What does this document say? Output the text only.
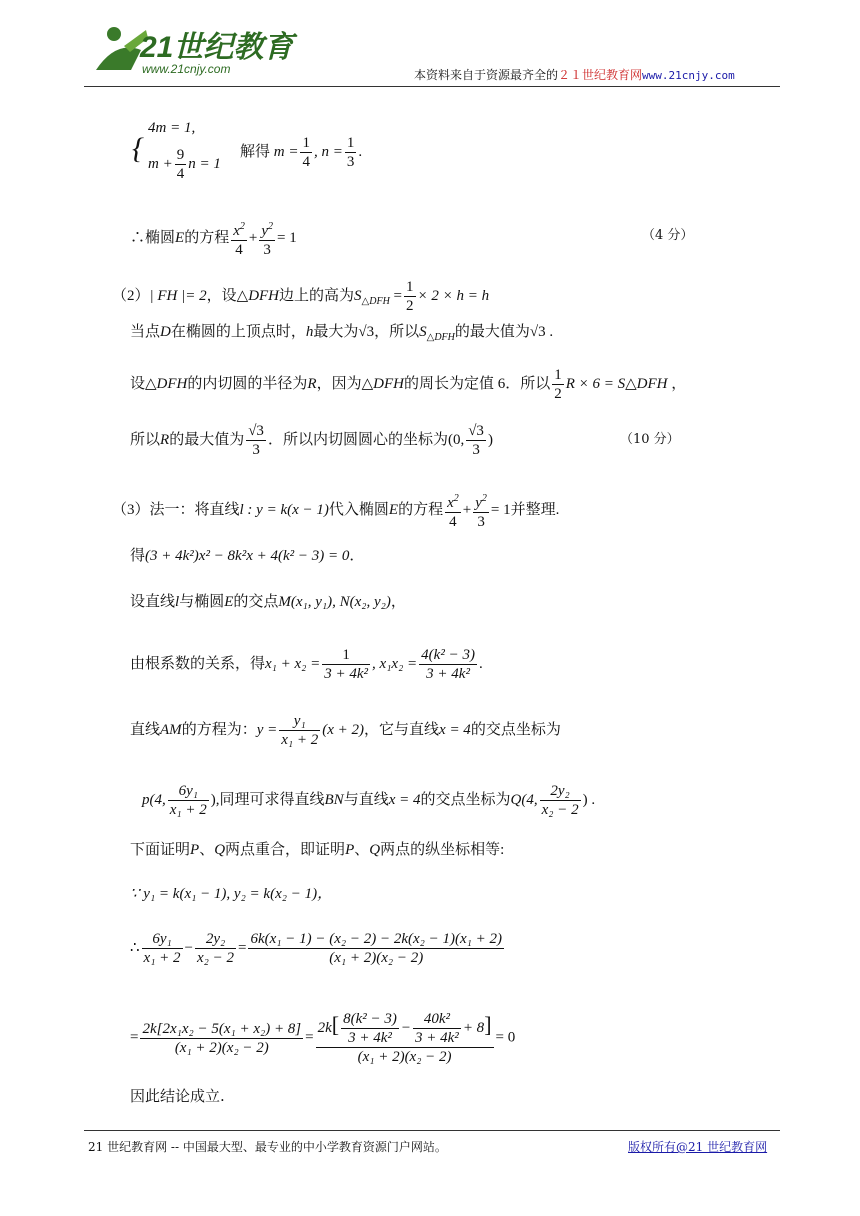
21世纪教育
www.21cnjy.com	本资料来自于资源最齐全的２１世纪教育网www.21cnjy.com
{
4m = 1,
$m + \frac{9}{4}$ n = 1
解得 $m = \frac{1}{4}$ , $n = \frac{1}{3}$ .
∴椭圆E的方程 $\frac{x^2}{4} + \frac{y^2}{3} = 1$	（4 分）
（2）| FH |= 2，设△DFH边上的高为$S_{\triangle DFH} = \frac{1}{2} \times 2 \times h = h$
当点D在椭圆的上顶点时，h最大为√3，所以$S_{\triangle DFH}$的最大值为√3 .
设△DFH的内切圆的半径为R，因为△DFH的周长为定值 6．所以 $\frac{1}{2}$ R × 6 = S△DFH ，
所以R的最大值为 $\frac{√3}{3}$ ．所以内切圆圆心的坐标为(0, $\frac{√3}{3}$ )	（10 分）
（3）法一：将直线l : y = k(x − 1)代入椭圆E的方程 $\frac{x^2}{4} + \frac{y^2}{3} = 1$并整理.
得(3 + 4k²)x² − 8k²x + 4(k² − 3) = 0．
设直线l与椭圆E的交点M(x₁, y₁), N(x₂, y₂)，
由根系数的关系，得$x_1 + x_2 = \frac{1}{\text{3 + 4k²}}$ , $x_1x_2 = \frac{\text{4(k² − 3)}}{\text{3 + 4k²}}$ .
直线AM的方程为：$y = \frac{\text{y₁}}{\text{x₁ + 2}} (x + 2)$，它与直线x = 4的交点坐标为
p(4, $\frac{\text{6y₁}}{\text{x₁ + 2}}$ ),同理可求得直线BN与直线x = 4的交点坐标为Q(4, $\frac{\text{2y₂}}{\text{x₂ − 2}}$ ) .
下面证明P、Q两点重合，即证明P、Q两点的纵坐标相等:
∵ y₁ = k(x₁ − 1), y₂ = k(x₂ − 1)，
∴ $\frac{\text{6y₁}}{\text{x₁ + 2}} - \frac{\text{2y₂}}{\text{x₂ − 2}} = \frac{\text{6k(x₁ − 1) − (x₂ − 2) − 2k(x₂ − 1)(x₁ + 2)}}{\text{(x₁ + 2)(x₂ − 2)}}$
= $\frac{\text{2k[2x₁x₂ − 5(x₁ + x₂) + 8]}}{\text{(x₁ + 2)(x₂ − 2)}} = \frac{2k[ \frac{\text{8(k² − 3)}}{\text{3 + 4k²}} - \frac{\text{40k²}}{\text{3 + 4k²}} + 8]}{\text{(x₁ + 2)(x₂ − 2)}} = 0$
因此结论成立.
21 世纪教育网 -- 中国最大型、最专业的中小学教育资源门户网站。	版权所有@21 世纪教育网
